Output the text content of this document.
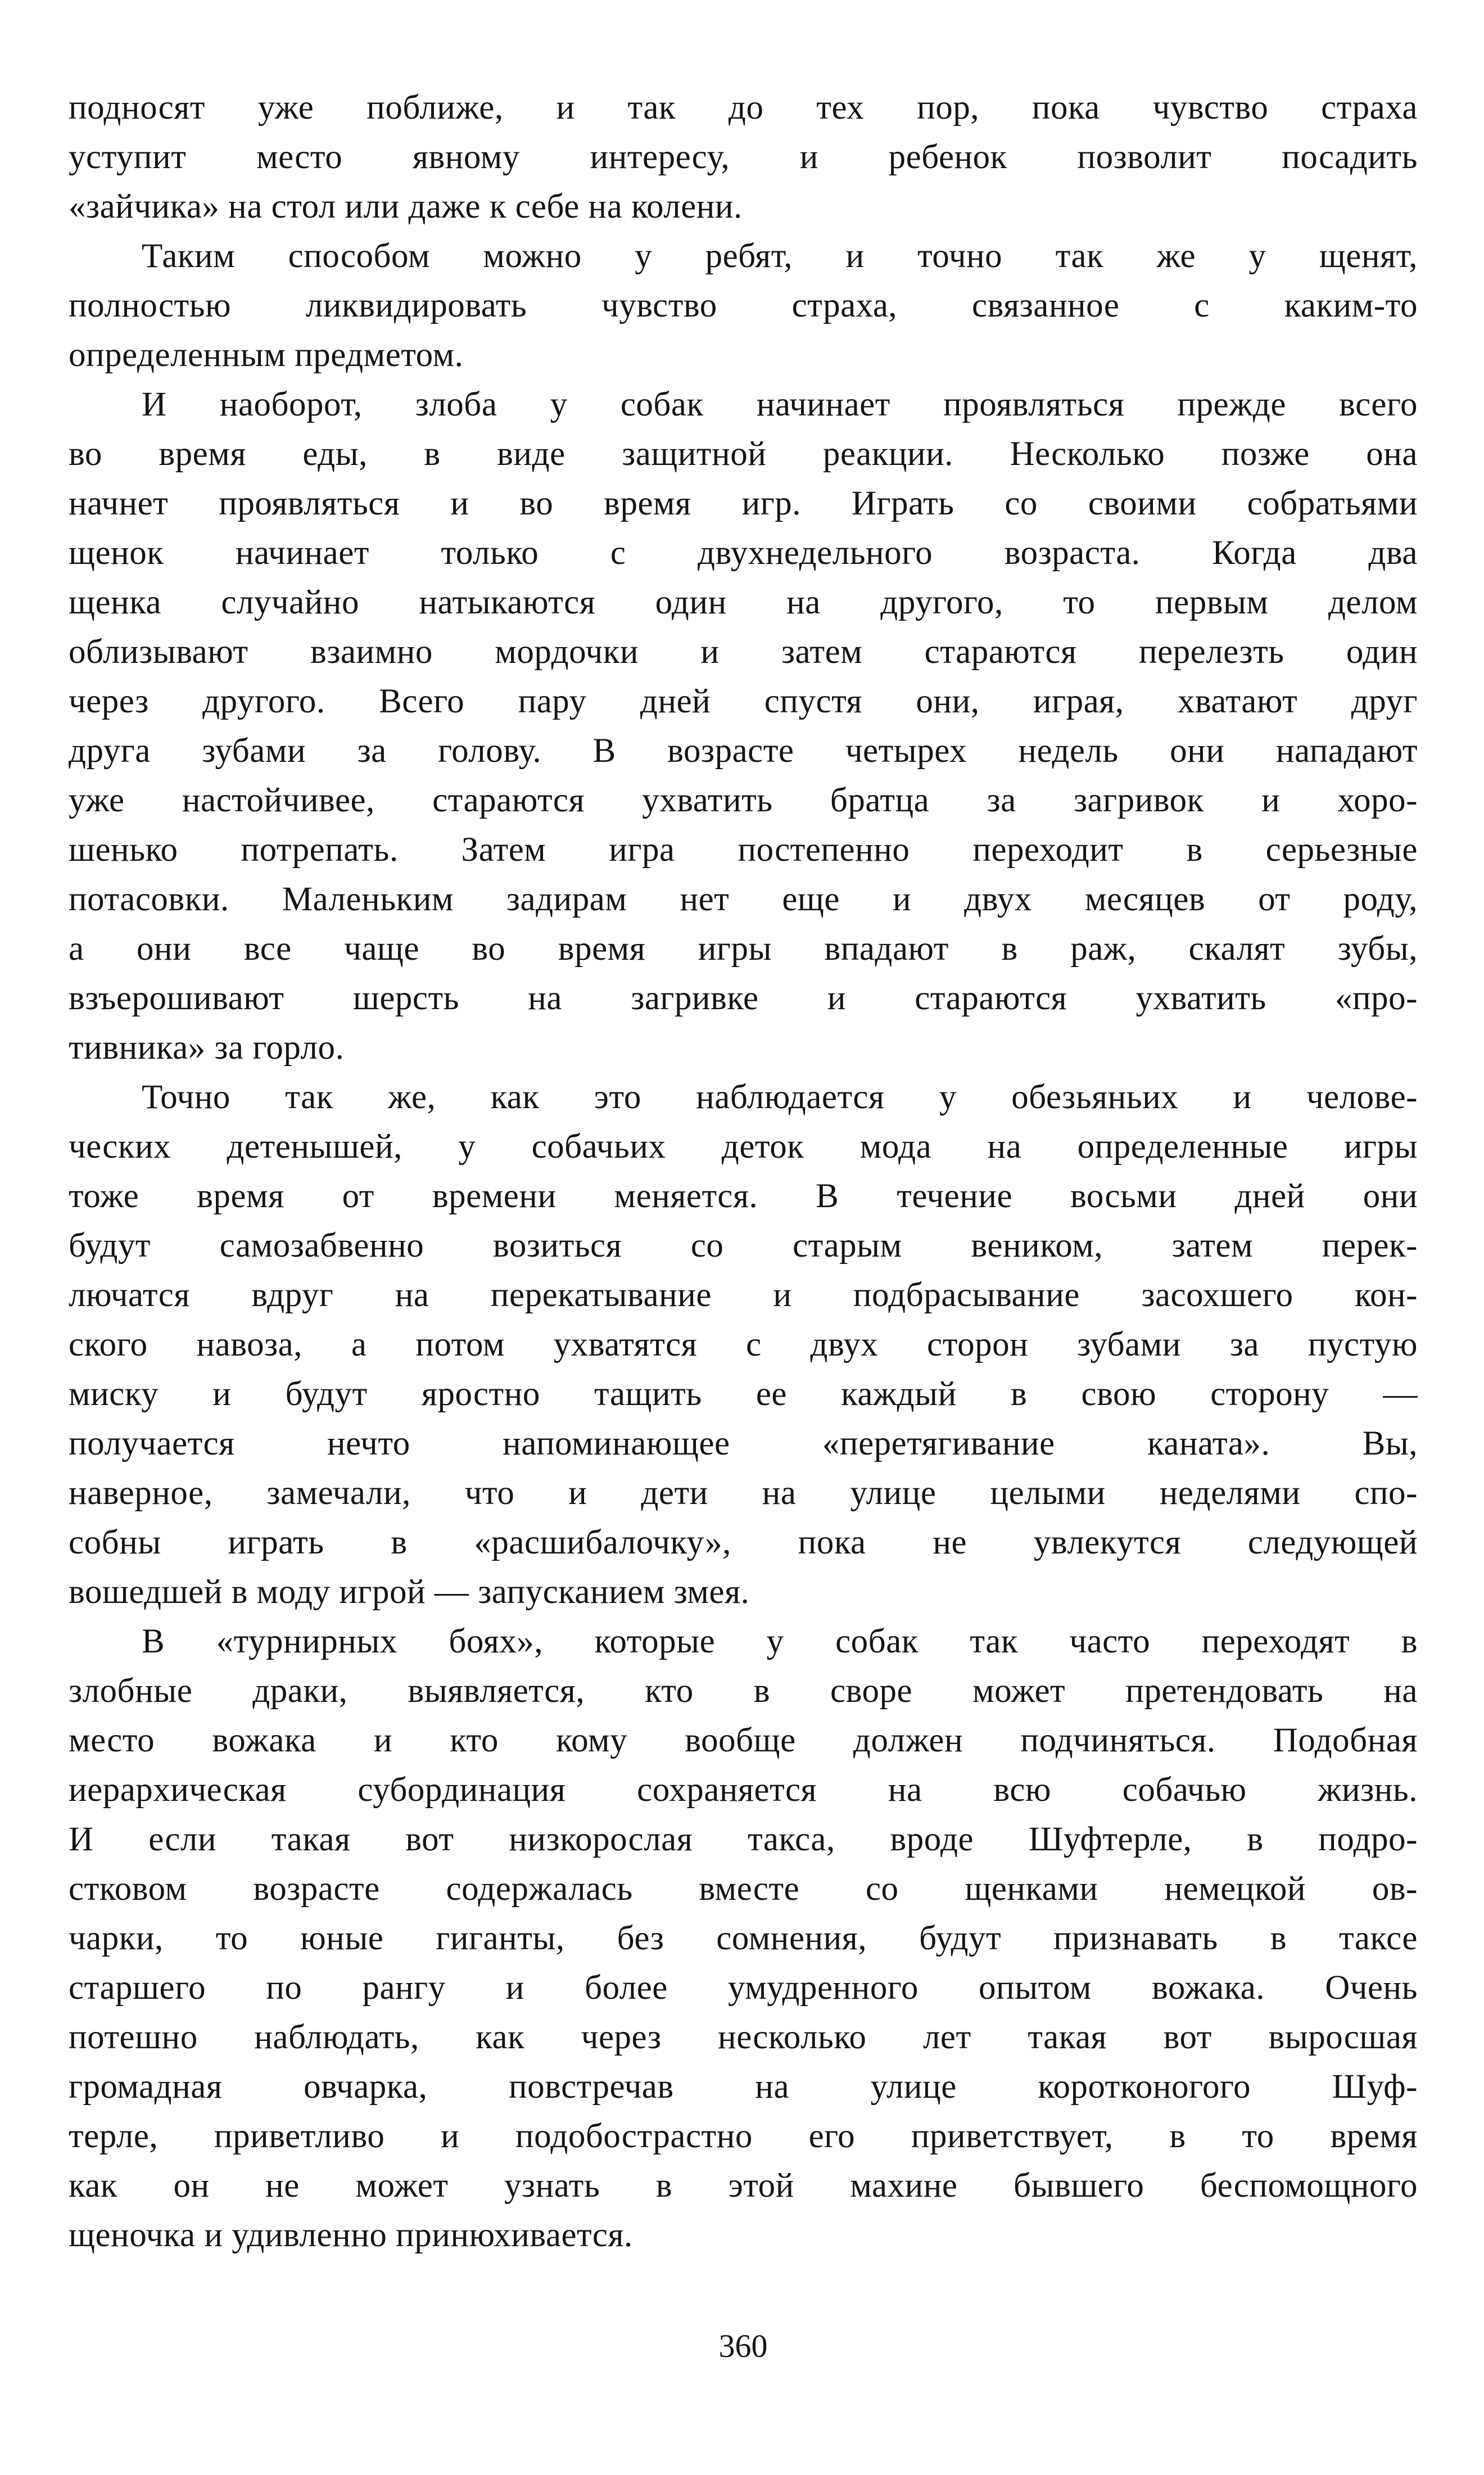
подносят уже поближе, и так до тех пор, пока чувство страха
уступит место явному интересу, и ребенок позволит посадить
«зайчика» на стол или даже к себе на колени.
Таким способом можно у ребят, и точно так же у щенят,
полностью ликвидировать чувство страха, связанное с каким-то
определенным предметом.
И наоборот, злоба у собак начинает проявляться прежде всего
во время еды, в виде защитной реакции. Несколько позже она
начнет проявляться и во время игр. Играть со своими собратьями
щенок начинает только с двухнедельного возраста. Когда два
щенка случайно натыкаются один на другого, то первым делом
облизывают взаимно мордочки и затем стараются перелезть один
через другого. Всего пару дней спустя они, играя, хватают друг
друга зубами за голову. В возрасте четырех недель они нападают
уже настойчивее, стараются ухватить братца за загривок и хоро-
шенько потрепать. Затем игра постепенно переходит в серьезные
потасовки. Маленьким задирам нет еще и двух месяцев от роду,
а они все чаще во время игры впадают в раж, скалят зубы,
взъерошивают шерсть на загривке и стараются ухватить «про-
тивника» за горло.
Точно так же, как это наблюдается у обезьяньих и челове-
ческих детенышей, у собачьих деток мода на определенные игры
тоже время от времени меняется. В течение восьми дней они
будут самозабвенно возиться со старым веником, затем перек-
лючатся вдруг на перекатывание и подбрасывание засохшего кон-
ского навоза, а потом ухватятся с двух сторон зубами за пустую
миску и будут яростно тащить ее каждый в свою сторону —
получается нечто напоминающее «перетягивание каната». Вы,
наверное, замечали, что и дети на улице целыми неделями спо-
собны играть в «расшибалочку», пока не увлекутся следующей
вошедшей в моду игрой — запусканием змея.
В «турнирных боях», которые у собак так часто переходят в
злобные драки, выявляется, кто в своре может претендовать на
место вожака и кто кому вообще должен подчиняться. Подобная
иерархическая субординация сохраняется на всю собачью жизнь.
И если такая вот низкорослая такса, вроде Шуфтерле, в подро-
стковом возрасте содержалась вместе со щенками немецкой ов-
чарки, то юные гиганты, без сомнения, будут признавать в таксе
старшего по рангу и более умудренного опытом вожака. Очень
потешно наблюдать, как через несколько лет такая вот выросшая
громадная овчарка, повстречав на улице коротконогого Шуф-
терле, приветливо и подобострастно его приветствует, в то время
как он не может узнать в этой махине бывшего беспомощного
щеночка и удивленно принюхивается.
360
